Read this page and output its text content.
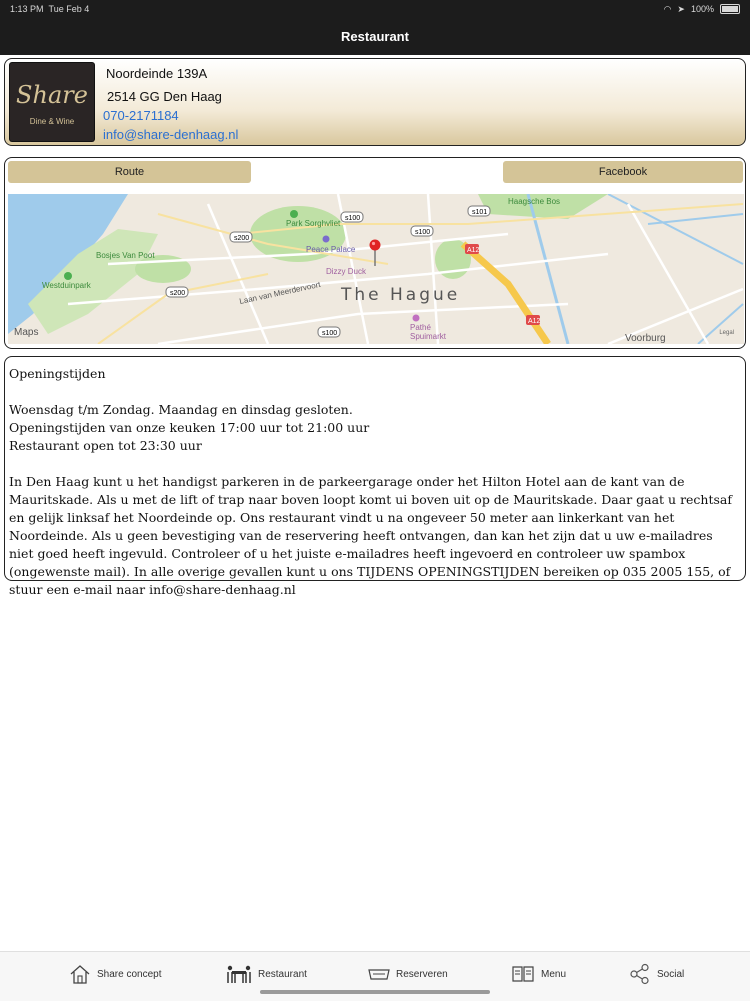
1:13 PM Tue Feb 4	◠ ➤ 100%
Restaurant
Share
Dine & Wine
Noordeinde 139A
2514 GG Den Haag
070-2171184
info@share-denhaag.nl
Route	Facebook
s100
s100
s101
s200
s200
s100
A12
A12
Park Sorghvliet
Peace Palace
Bosjes Van Poot
Westduinpark
Dizzy Duck
Haagsche Bos
Pathé
Spuimarkt
Laan van Meerdervoort
Voorburg
The Hague
Maps	Legal

Openingstijden

Woensdag t/m Zondag. Maandag en dinsdag gesloten.

Openingstijden van onze keuken 17:00 uur tot 21:00 uur

Restaurant open tot 23:30 uur

In Den Haag kunt u het handigst parkeren in de parkeergarage onder het Hilton Hotel aan de kant van de Mauritskade. Als u met de lift of trap naar boven loopt komt ui boven uit op de Mauritskade. Daar gaat u rechtsaf en gelijk linksaf het Noordeinde op. Ons restaurant vindt u na ongeveer 50 meter aan linkerkant van het Noordeinde. Als u geen bevestiging van de reservering heeft ontvangen, dan kan het zijn dat u uw e-mailadres niet goed heeft ingevuld. Controleer of u het juiste e-mailadres heeft ingevoerd en controleer uw spambox (ongewenste mail). In alle overige gevallen kunt u ons TIJDENS OPENINGSTIJDEN bereiken op 035 2005 155, of stuur een e-mail naar info@share-denhaag.nl

Share concept	Restaurant	Reserveren	Menu	Social
